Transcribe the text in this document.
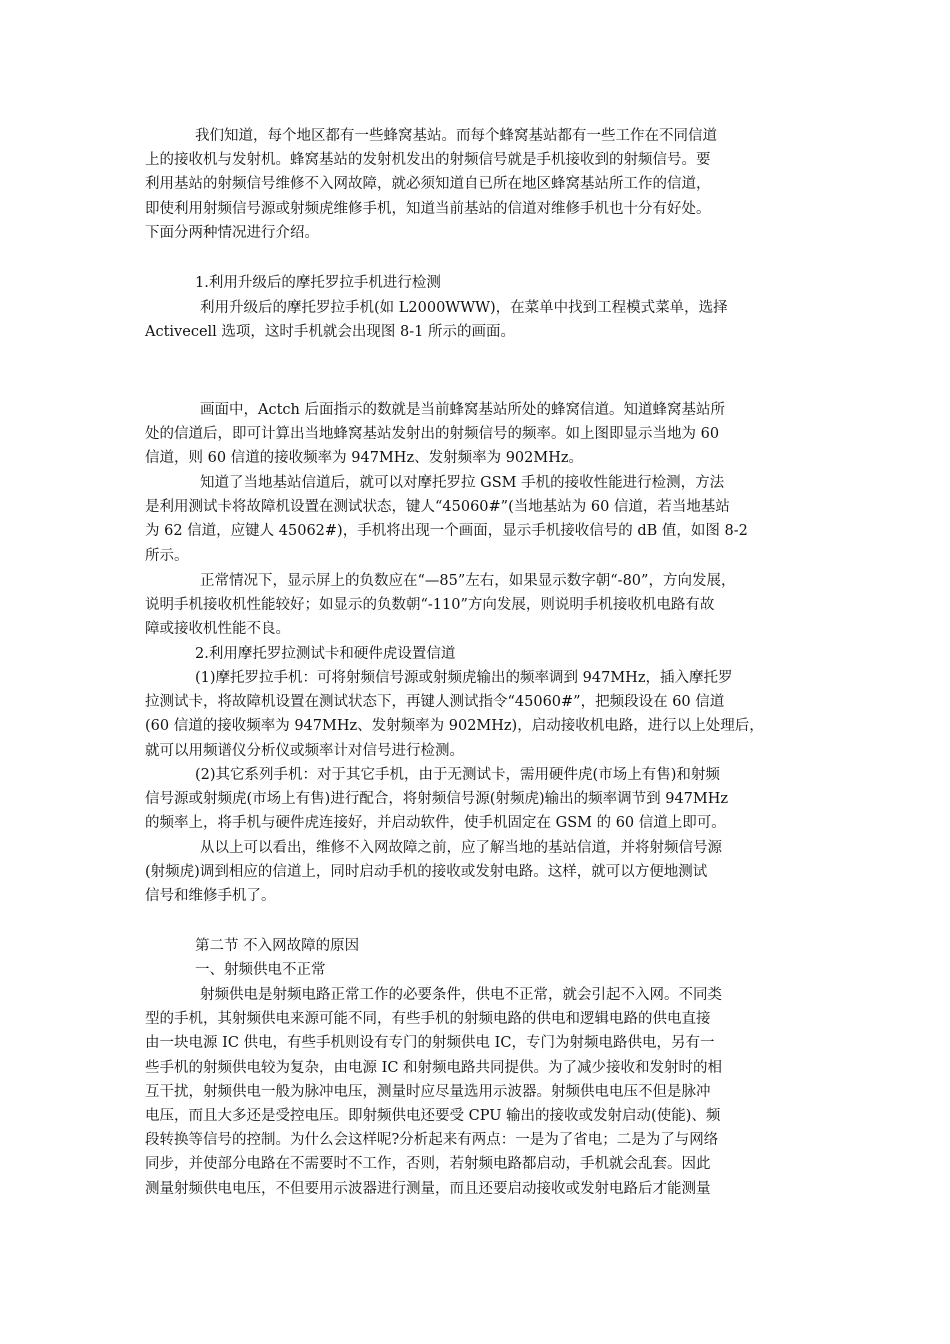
我们知道，每个地区都有一些蜂窝基站。而每个蜂窝基站都有一些工作在不同信道
上的接收机与发射机。蜂窝基站的发射机发出的射频信号就是手机接收到的射频信号。要
利用基站的射频信号维修不入网故障，就必须知道自已所在地区蜂窝基站所工作的信道，
即使利用射频信号源或射频虎维修手机，知道当前基站的信道对维修手机也十分有好处。
下面分两种情况进行介绍。
1.利用升级后的摩托罗拉手机进行检测
利用升级后的摩托罗拉手机(如 L2000WWW)，在菜单中找到工程模式菜单，选择
Activecell 选项，这时手机就会出现图 8-1 所示的画面。
画面中，Actch 后面指示的数就是当前蜂窝基站所处的蜂窝信道。知道蜂窝基站所
处的信道后，即可计算出当地蜂窝基站发射出的射频信号的频率。如上图即显示当地为 60
信道，则 60 信道的接收频率为 947MHz、发射频率为 902MHz。
知道了当地基站信道后，就可以对摩托罗拉 GSM 手机的接收性能进行检测，方法
是利用测试卡将故障机设置在测试状态，键人“45060#”(当地基站为 60 信道，若当地基站
为 62 信道，应键人 45062#)，手机将出现一个画面，显示手机接收信号的 dB 值，如图 8-2
所示。
正常情况下，显示屏上的负数应在“—85”左右，如果显示数字朝“-80”，方向发展，
说明手机接收机性能较好；如显示的负数朝“-110”方向发展，则说明手机接收机电路有故
障或接收机性能不良。
2.利用摩托罗拉测试卡和硬件虎设置信道
(1)摩托罗拉手机：可将射频信号源或射频虎输出的频率调到 947MHz，插入摩托罗
拉测试卡，将故障机设置在测试状态下，再键人测试指令“45060#”，把频段设在 60 信道
(60 信道的接收频率为 947MHz、发射频率为 902MHz)，启动接收机电路，进行以上处理后，
就可以用频谱仪分析仪或频率计对信号进行检测。
(2)其它系列手机：对于其它手机，由于无测试卡，需用硬件虎(市场上有售)和射频
信号源或射频虎(市场上有售)进行配合，将射频信号源(射频虎)输出的频率调节到 947MHz
的频率上，将手机与硬件虎连接好，并启动软件，使手机固定在 GSM 的 60 信道上即可。
从以上可以看出，维修不入网故障之前，应了解当地的基站信道，并将射频信号源
(射频虎)调到相应的信道上，同时启动手机的接收或发射电路。这样，就可以方便地测试
信号和维修手机了。
第二节 不入网故障的原因
一、射频供电不正常
射频供电是射频电路正常工作的必要条件，供电不正常，就会引起不入网。不同类
型的手机，其射频供电来源可能不同，有些手机的射频电路的供电和逻辑电路的供电直接
由一块电源 IC 供电，有些手机则设有专门的射频供电 IC，专门为射频电路供电，另有一
些手机的射频供电较为复杂，由电源 IC 和射频电路共同提供。为了减少接收和发射时的相
互干扰，射频供电一般为脉冲电压，测量时应尽量选用示波器。射频供电电压不但是脉冲
电压，而且大多还是受控电压。即射频供电还要受 CPU 输出的接收或发射启动(使能)、频
段转换等信号的控制。为什么会这样呢?分析起来有两点：一是为了省电；二是为了与网络
同步，并使部分电路在不需要时不工作，否则，若射频电路都启动，手机就会乱套。因此
测量射频供电电压，不但要用示波器进行测量，而且还要启动接收或发射电路后才能测量
